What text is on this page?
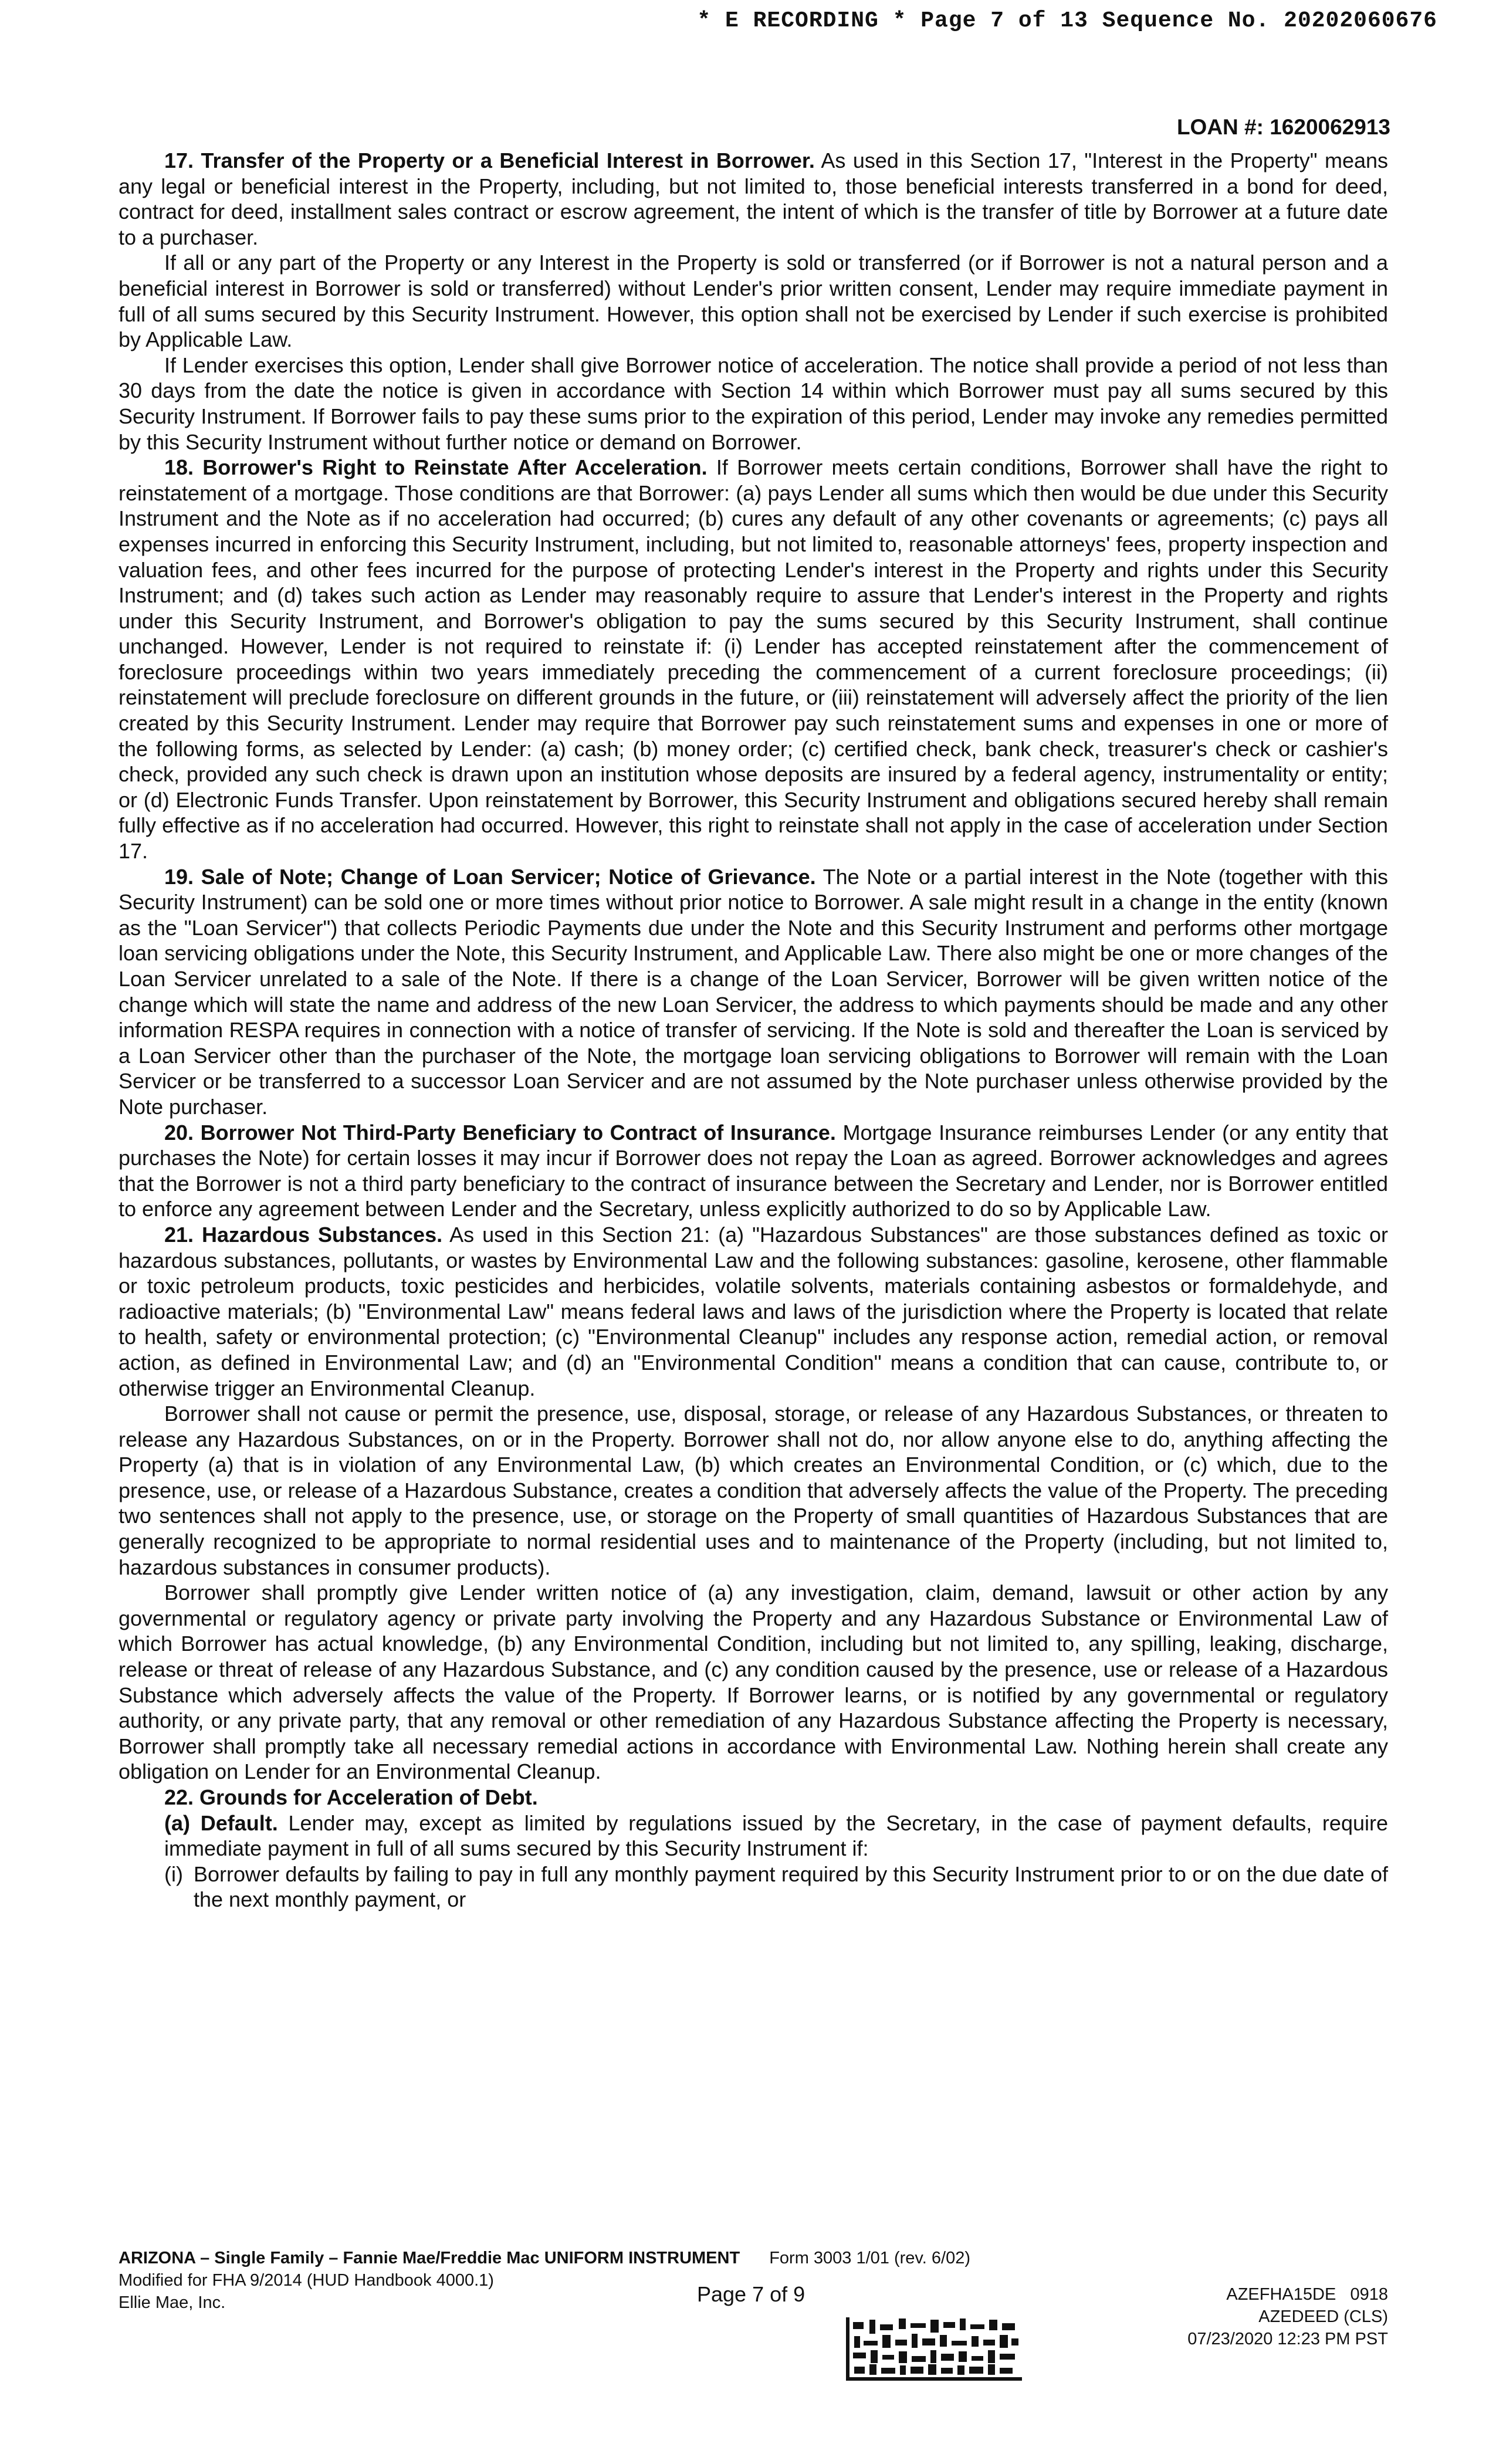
* E RECORDING * Page 7 of 13 Sequence No. 20202060676
LOAN #: 1620062913

17. Transfer of the Property or a Beneficial Interest in Borrower. As used in this Section 17, "Interest in the Property" means any legal or beneficial interest in the Property, including, but not limited to, those beneficial interests transferred in a bond for deed, contract for deed, installment sales contract or escrow agreement, the intent of which is the transfer of title by Borrower at a future date to a purchaser.

If all or any part of the Property or any Interest in the Property is sold or transferred (or if Borrower is not a natural person and a beneficial interest in Borrower is sold or transferred) without Lender's prior written consent, Lender may require immediate payment in full of all sums secured by this Security Instrument. However, this option shall not be exercised by Lender if such exercise is prohibited by Applicable Law.

If Lender exercises this option, Lender shall give Borrower notice of acceleration. The notice shall provide a period of not less than 30 days from the date the notice is given in accordance with Section 14 within which Borrower must pay all sums secured by this Security Instrument. If Borrower fails to pay these sums prior to the expiration of this period, Lender may invoke any remedies permitted by this Security Instrument without further notice or demand on Borrower.

18. Borrower's Right to Reinstate After Acceleration. If Borrower meets certain conditions, Borrower shall have the right to reinstatement of a mortgage. Those conditions are that Borrower: (a) pays Lender all sums which then would be due under this Security Instrument and the Note as if no acceleration had occurred; (b) cures any default of any other covenants or agreements; (c) pays all expenses incurred in enforcing this Security Instrument, including, but not limited to, reasonable attorneys' fees, property inspection and valuation fees, and other fees incurred for the purpose of protecting Lender's interest in the Property and rights under this Security Instrument; and (d) takes such action as Lender may reasonably require to assure that Lender's interest in the Property and rights under this Security Instrument, and Borrower's obligation to pay the sums secured by this Security Instrument, shall continue unchanged. However, Lender is not required to reinstate if: (i) Lender has accepted reinstatement after the commencement of foreclosure proceedings within two years immediately preceding the commencement of a current foreclosure proceedings; (ii) reinstatement will preclude foreclosure on different grounds in the future, or (iii) reinstatement will adversely affect the priority of the lien created by this Security Instrument. Lender may require that Borrower pay such reinstatement sums and expenses in one or more of the following forms, as selected by Lender: (a) cash; (b) money order; (c) certified check, bank check, treasurer's check or cashier's check, provided any such check is drawn upon an institution whose deposits are insured by a federal agency, instrumentality or entity; or (d) Electronic Funds Transfer. Upon reinstatement by Borrower, this Security Instrument and obligations secured hereby shall remain fully effective as if no acceleration had occurred. However, this right to reinstate shall not apply in the case of acceleration under Section 17.

19. Sale of Note; Change of Loan Servicer; Notice of Grievance. The Note or a partial interest in the Note (together with this Security Instrument) can be sold one or more times without prior notice to Borrower. A sale might result in a change in the entity (known as the "Loan Servicer") that collects Periodic Payments due under the Note and this Security Instrument and performs other mortgage loan servicing obligations under the Note, this Security Instrument, and Applicable Law. There also might be one or more changes of the Loan Servicer unrelated to a sale of the Note. If there is a change of the Loan Servicer, Borrower will be given written notice of the change which will state the name and address of the new Loan Servicer, the address to which payments should be made and any other information RESPA requires in connection with a notice of transfer of servicing. If the Note is sold and thereafter the Loan is serviced by a Loan Servicer other than the purchaser of the Note, the mortgage loan servicing obligations to Borrower will remain with the Loan Servicer or be transferred to a successor Loan Servicer and are not assumed by the Note purchaser unless otherwise provided by the Note purchaser.

20. Borrower Not Third-Party Beneficiary to Contract of Insurance. Mortgage Insurance reimburses Lender (or any entity that purchases the Note) for certain losses it may incur if Borrower does not repay the Loan as agreed. Borrower acknowledges and agrees that the Borrower is not a third party beneficiary to the contract of insurance between the Secretary and Lender, nor is Borrower entitled to enforce any agreement between Lender and the Secretary, unless explicitly authorized to do so by Applicable Law.

21. Hazardous Substances. As used in this Section 21: (a) "Hazardous Substances" are those substances defined as toxic or hazardous substances, pollutants, or wastes by Environmental Law and the following substances: gasoline, kerosene, other flammable or toxic petroleum products, toxic pesticides and herbicides, volatile solvents, materials containing asbestos or formaldehyde, and radioactive materials; (b) "Environmental Law" means federal laws and laws of the jurisdiction where the Property is located that relate to health, safety or environmental protection; (c) "Environmental Cleanup" includes any response action, remedial action, or removal action, as defined in Environmental Law; and (d) an "Environmental Condition" means a condition that can cause, contribute to, or otherwise trigger an Environmental Cleanup.

Borrower shall not cause or permit the presence, use, disposal, storage, or release of any Hazardous Substances, or threaten to release any Hazardous Substances, on or in the Property. Borrower shall not do, nor allow anyone else to do, anything affecting the Property (a) that is in violation of any Environmental Law, (b) which creates an Environmental Condition, or (c) which, due to the presence, use, or release of a Hazardous Substance, creates a condition that adversely affects the value of the Property. The preceding two sentences shall not apply to the presence, use, or storage on the Property of small quantities of Hazardous Substances that are generally recognized to be appropriate to normal residential uses and to maintenance of the Property (including, but not limited to, hazardous substances in consumer products).

Borrower shall promptly give Lender written notice of (a) any investigation, claim, demand, lawsuit or other action by any governmental or regulatory agency or private party involving the Property and any Hazardous Substance or Environmental Law of which Borrower has actual knowledge, (b) any Environmental Condition, including but not limited to, any spilling, leaking, discharge, release or threat of release of any Hazardous Substance, and (c) any condition caused by the presence, use or release of a Hazardous Substance which adversely affects the value of the Property. If Borrower learns, or is notified by any governmental or regulatory authority, or any private party, that any removal or other remediation of any Hazardous Substance affecting the Property is necessary, Borrower shall promptly take all necessary remedial actions in accordance with Environmental Law. Nothing herein shall create any obligation on Lender for an Environmental Cleanup.

22. Grounds for Acceleration of Debt.

(a) Default. Lender may, except as limited by regulations issued by the Secretary, in the case of payment defaults, require immediate payment in full of all sums secured by this Security Instrument if:

(i) Borrower defaults by failing to pay in full any monthly payment required by this Security Instrument prior to or on the due date of the next monthly payment, or

ARIZONA – Single Family – Fannie Mae/Freddie Mac UNIFORM INSTRUMENT Form 3003 1/01 (rev. 6/02)
Modified for FHA 9/2014 (HUD Handbook 4000.1)
Ellie Mae, Inc.	Page 7 of 9	AZEFHA15DE   0918
AZEDEED (CLS)
07/23/2020 12:23 PM PST
